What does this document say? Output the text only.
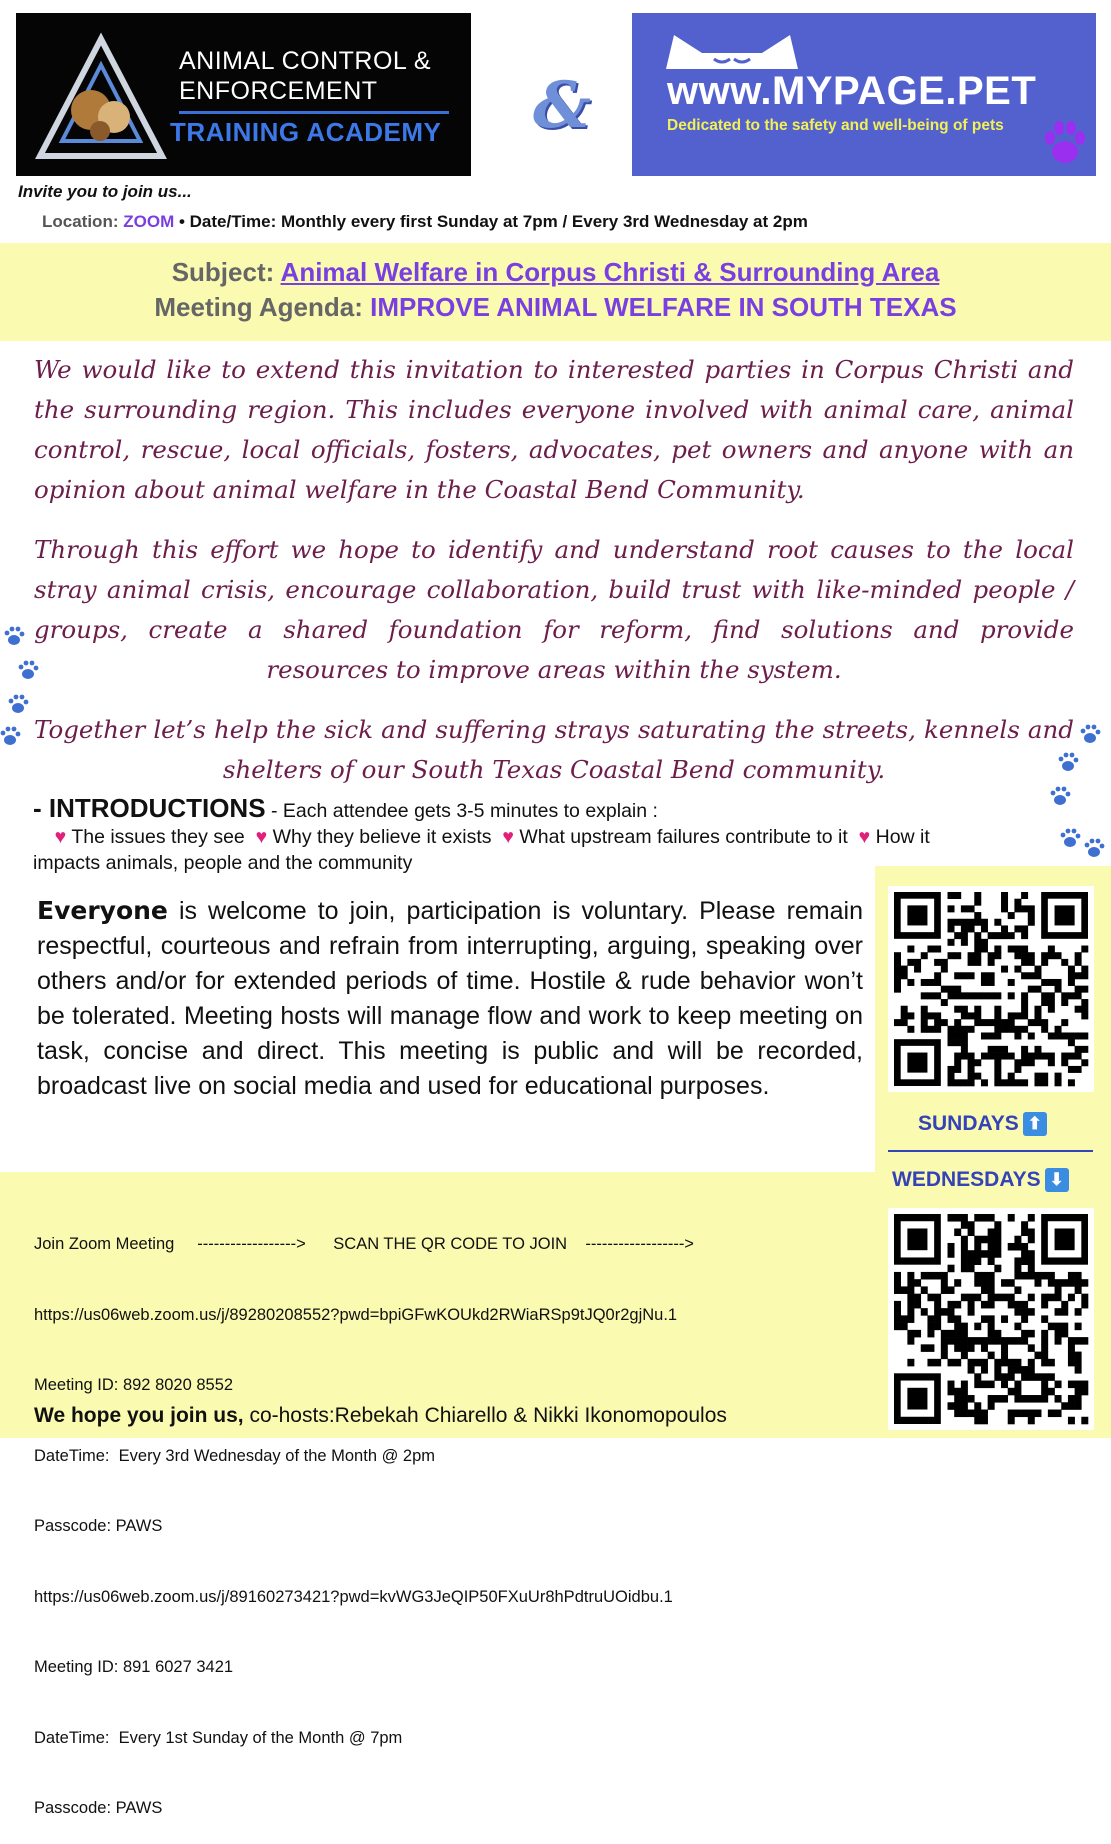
ANIMAL CONTROL &
ENFORCEMENT
TRAINING ACADEMY & www.MYPAGE.PET
Dedicated to the safety and well-being of pets
Invite you to join us...
Location: ZOOM • Date/Time: Monthly every first Sunday at 7pm / Every 3rd Wednesday at 2pm
Subject: Animal Welfare in Corpus Christi & Surrounding Area
Meeting Agenda: IMPROVE ANIMAL WELFARE IN SOUTH TEXAS
We would like to extend this invitation to interested parties in Corpus Christi and the surrounding region. This includes everyone involved with animal care, animal control, rescue, local officials, fosters, advocates, pet owners and anyone with an opinion about animal welfare in the Coastal Bend Community.
Through this effort we hope to identify and understand root causes to the local stray animal crisis, encourage collaboration, build trust with like-minded people / groups, create a shared foundation for reform, find solutions and provide resources to improve areas within the system.
Together let’s help the sick and suffering strays saturating the streets, kennels and shelters of our South Texas Coastal Bend community.
- INTRODUCTIONS - Each attendee gets 3-5 minutes to explain :
♥ The issues they see ♥ Why they believe it exists ♥ What upstream failures contribute to it ♥ How it impacts animals, people and the community
Everyone is welcome to join, participation is voluntary. Please remain respectful, courteous and refrain from interrupting, arguing, speaking over others and/or for extended periods of time. Hostile & rude behavior won’t be tolerated. Meeting hosts will manage flow and work to keep meeting on task, concise and direct. This meeting is public and will be recorded, broadcast live on social media and used for educational purposes.
SUNDAYS ⬆
WEDNESDAYS ⬇

Join Zoom Meeting     ------------------>      SCAN THE QR CODE TO JOIN    ------------------>

https://us06web.zoom.us/j/89280208552?pwd=bpiGFwKOUkd2RWiaRSp9tJQ0r2gjNu.1

Meeting ID: 892 8020 8552

DateTime:  Every 3rd Wednesday of the Month @ 2pm

Passcode: PAWS

https://us06web.zoom.us/j/89160273421?pwd=kvWG3JeQIP50FXuUr8hPdtruUOidbu.1

Meeting ID: 891 6027 3421

DateTime:  Every 1st Sunday of the Month @ 7pm

Passcode: PAWS

We hope you join us, co-hosts:Rebekah Chiarello & Nikki Ikonomopoulos
